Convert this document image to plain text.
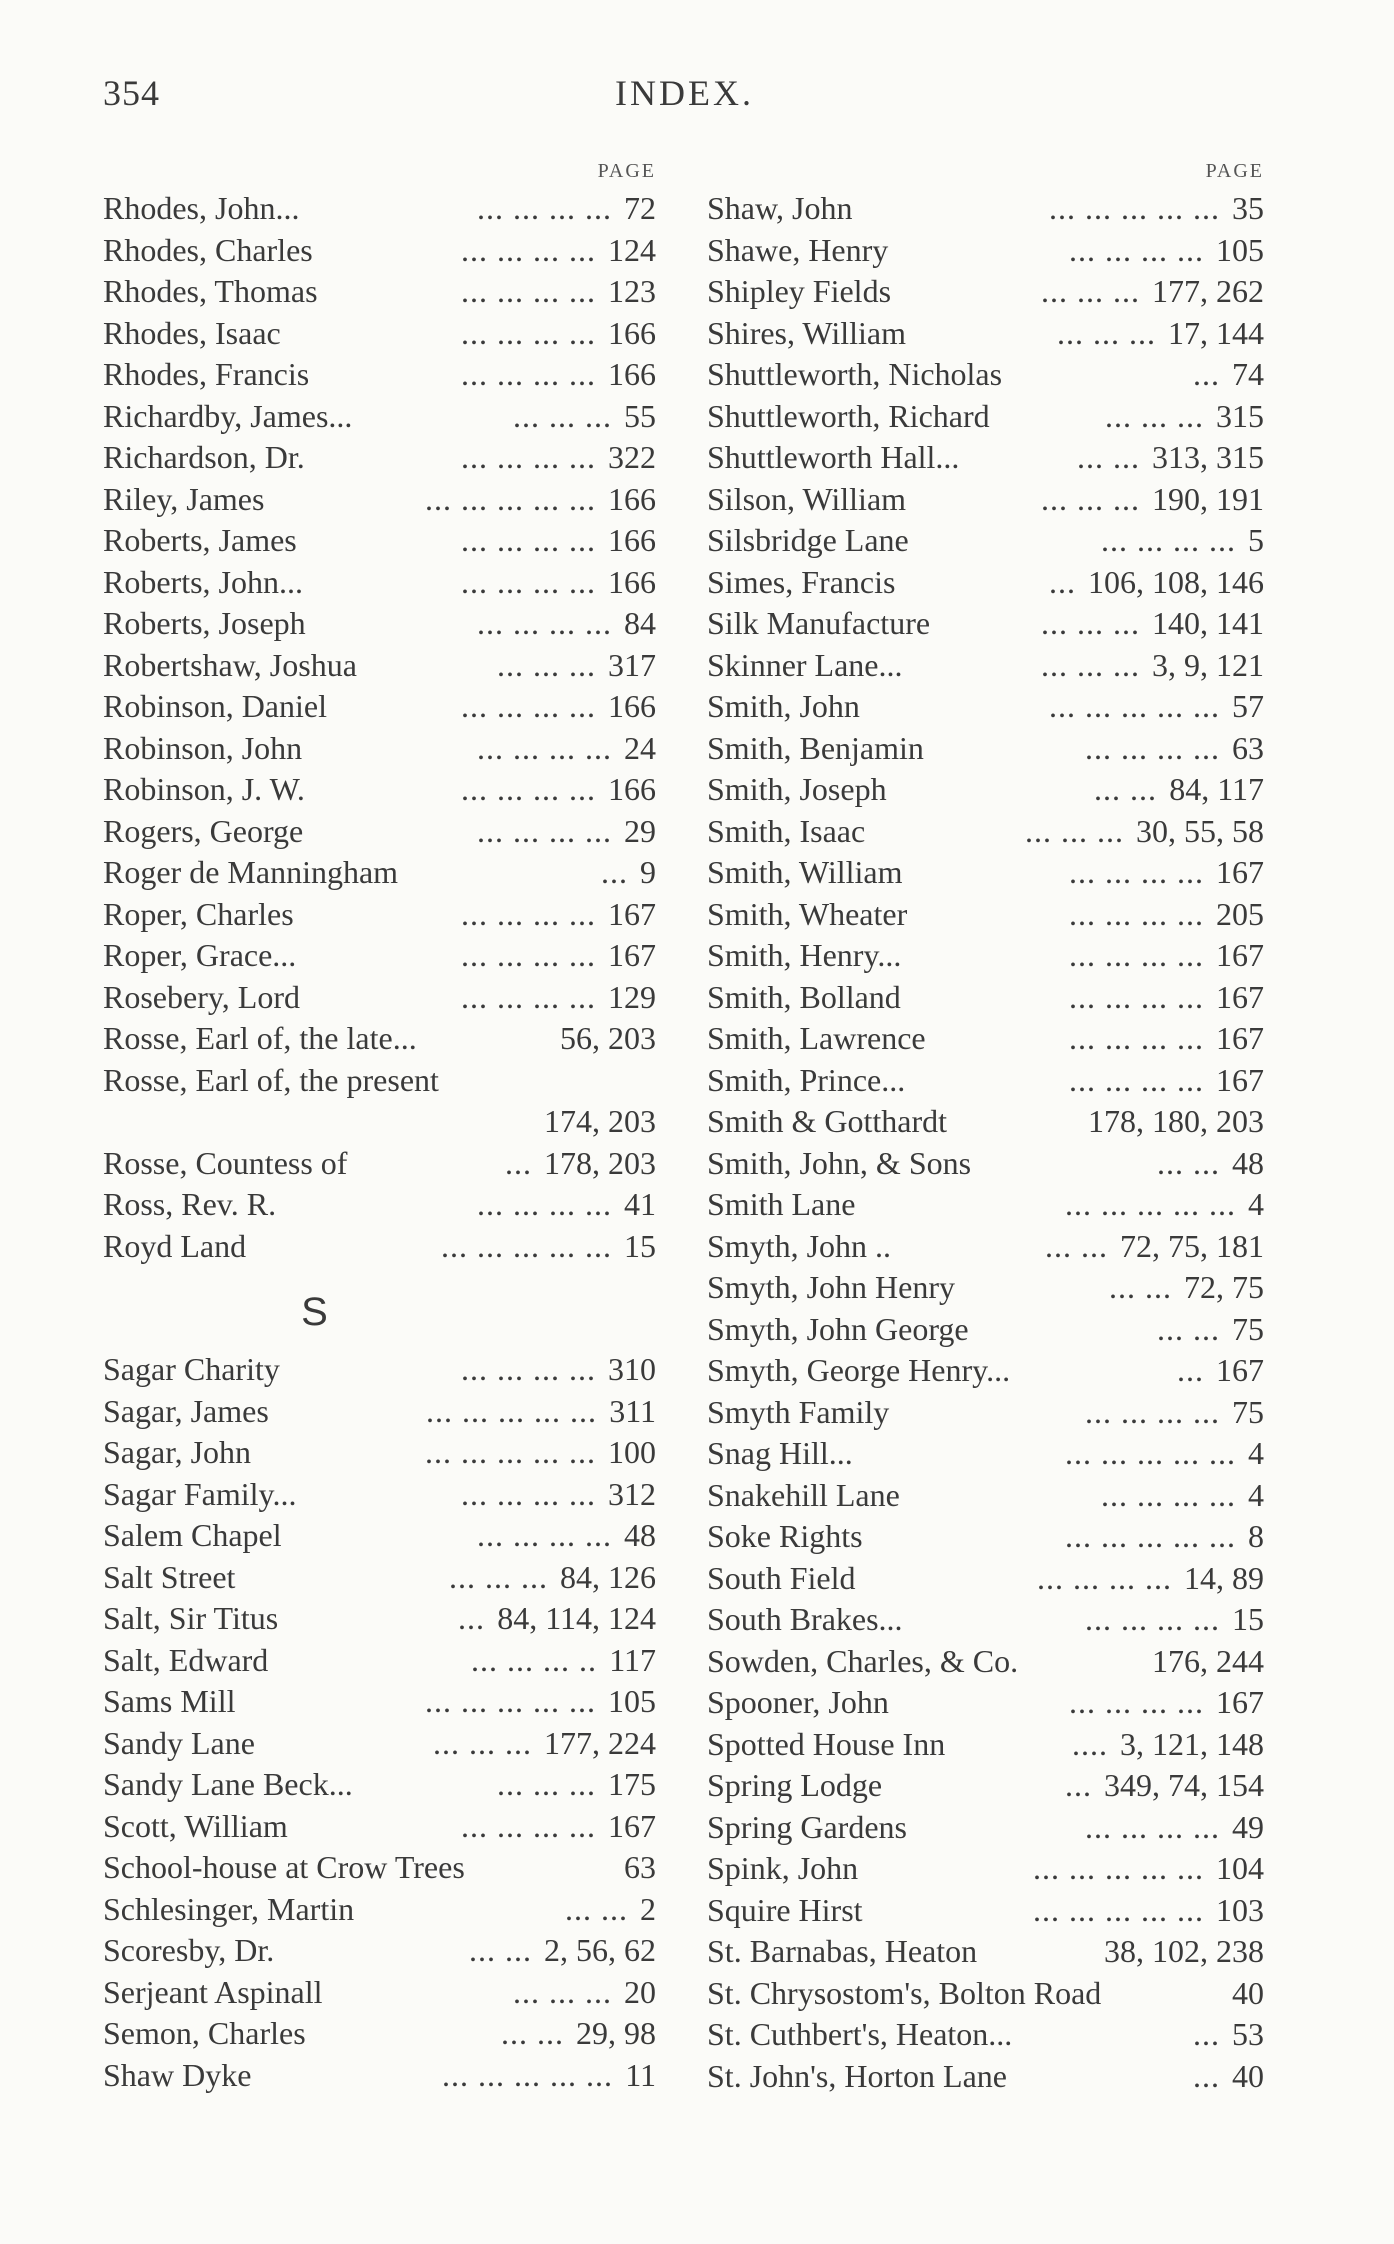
354	INDEX.
PAGE
Rhodes, John...	... ... ... ... 72
Rhodes, Charles	... ... ... ... 124
Rhodes, Thomas	... ... ... ... 123
Rhodes, Isaac	... ... ... ... 166
Rhodes, Francis	... ... ... ... 166
Richardby, James...	... ... ... 55
Richardson, Dr.	... ... ... ... 322
Riley, James	... ... ... ... ... 166
Roberts, James	... ... ... ... 166
Roberts, John...	... ... ... ... 166
Roberts, Joseph	... ... ... ... 84
Robertshaw, Joshua	... ... ... 317
Robinson, Daniel	... ... ... ... 166
Robinson, John	... ... ... ... 24
Robinson, J. W.	... ... ... ... 166
Rogers, George	... ... ... ... 29
Roger de Manningham	... 9
Roper, Charles	... ... ... ... 167
Roper, Grace...	... ... ... ... 167
Rosebery, Lord	... ... ... ... 129
Rosse, Earl of, the late...	56, 203
Rosse, Earl of, the present
174, 203
Rosse, Countess of	... 178, 203
Ross, Rev. R.	... ... ... ... 41
Royd Land	... ... ... ... ... 15
S
Sagar Charity	... ... ... ... 310
Sagar, James	... ... ... ... ... 311
Sagar, John	... ... ... ... ... 100
Sagar Family...	... ... ... ... 312
Salem Chapel	... ... ... ... 48
Salt Street	... ... ... 84, 126
Salt, Sir Titus	... 84, 114, 124
Salt, Edward	... ... ... .. 117
Sams Mill	... ... ... ... ... 105
Sandy Lane	... ... ... 177, 224
Sandy Lane Beck...	... ... ... 175
Scott, William	... ... ... ... 167
School-house at Crow Trees	63
Schlesinger, Martin	... ... 2
Scoresby, Dr.	... ... 2, 56, 62
Serjeant Aspinall	... ... ... 20
Semon, Charles	... ... 29, 98
Shaw Dyke	... ... ... ... ... 11
PAGE
Shaw, John	... ... ... ... ... 35
Shawe, Henry	... ... ... ... 105
Shipley Fields	... ... ... 177, 262
Shires, William	... ... ... 17, 144
Shuttleworth, Nicholas	... 74
Shuttleworth, Richard	... ... ... 315
Shuttleworth Hall...	... ... 313, 315
Silson, William	... ... ... 190, 191
Silsbridge Lane	... ... ... ... 5
Simes, Francis	... 106, 108, 146
Silk Manufacture	... ... ... 140, 141
Skinner Lane...	... ... ... 3, 9, 121
Smith, John	... ... ... ... ... 57
Smith, Benjamin	... ... ... ... 63
Smith, Joseph	... ... 84, 117
Smith, Isaac	... ... ... 30, 55, 58
Smith, William	... ... ... ... 167
Smith, Wheater	... ... ... ... 205
Smith, Henry...	... ... ... ... 167
Smith, Bolland	... ... ... ... 167
Smith, Lawrence	... ... ... ... 167
Smith, Prince...	... ... ... ... 167
Smith & Gotthardt	178, 180, 203
Smith, John, & Sons	... ... 48
Smith Lane	... ... ... ... ... 4
Smyth, John ..	... ... 72, 75, 181
Smyth, John Henry	... ... 72, 75
Smyth, John George	... ... 75
Smyth, George Henry...	... 167
Smyth Family	... ... ... ... 75
Snag Hill...	... ... ... ... ... 4
Snakehill Lane	... ... ... ... 4
Soke Rights	... ... ... ... ... 8
South Field	... ... ... ... 14, 89
South Brakes...	... ... ... ... 15
Sowden, Charles, & Co.	176, 244
Spooner, John	... ... ... ... 167
Spotted House Inn	.... 3, 121, 148
Spring Lodge	... 349, 74, 154
Spring Gardens	... ... ... ... 49
Spink, John	... ... ... ... ... 104
Squire Hirst	... ... ... ... ... 103
St. Barnabas, Heaton	38, 102, 238
St. Chrysostom's, Bolton Road	40
St. Cuthbert's, Heaton...	... 53
St. John's, Horton Lane	... 40
